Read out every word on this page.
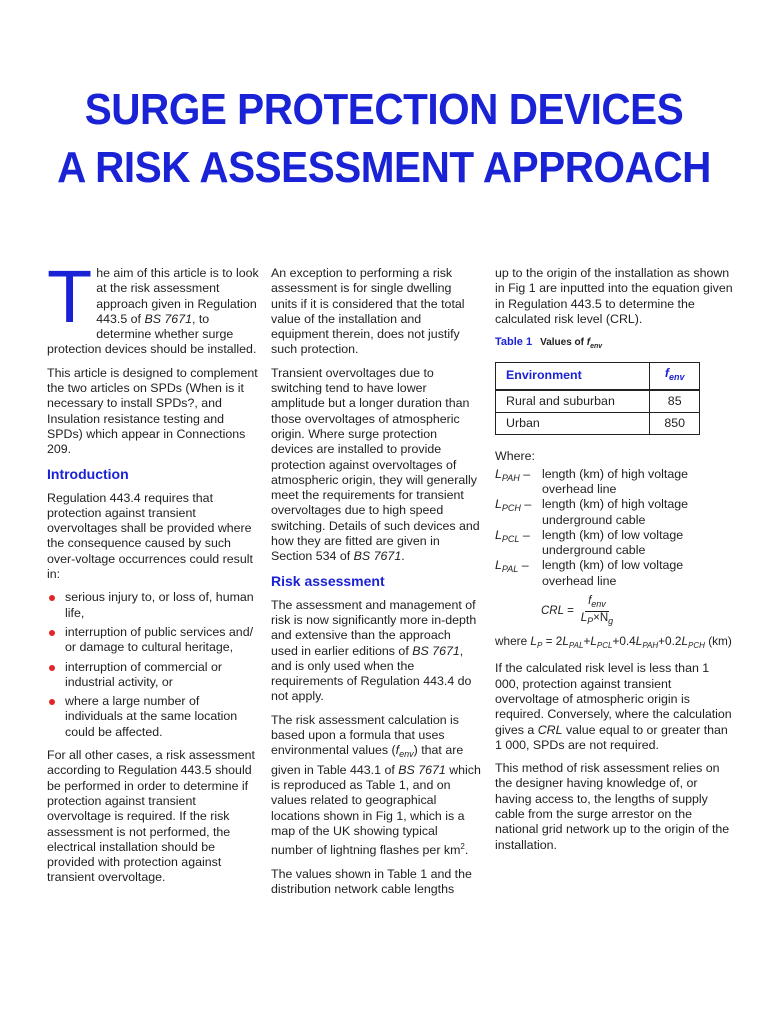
SURGE PROTECTION DEVICES
A RISK ASSESSMENT APPROACH

The aim of this article is to look at the risk assessment approach given in Regulation 443.5 of BS 7671, to determine whether surge protection devices should be installed.

This article is designed to complement the two articles on SPDs (When is it necessary to install SPDs?, and Insulation resistance testing and SPDs) which appear in Connections 209.

Introduction

Regulation 443.4 requires that protection against transient overvoltages shall be provided where the consequence caused by such over-voltage occurrences could result in:

serious injury to, or loss of, human life,
interruption of public services and/ or damage to cultural heritage,
interruption of commercial or industrial activity, or
where a large number of individuals at the same location could be affected.

For all other cases, a risk assessment according to Regulation 443.5 should be performed in order to determine if protection against transient overvoltage is required. If the risk assessment is not performed, the electrical installation should be provided with protection against transient overvoltage.

An exception to performing a risk assessment is for single dwelling units if it is considered that the total value of the installation and equipment therein, does not justify such protection.

Transient overvoltages due to switching tend to have lower amplitude but a longer duration than those overvoltages of atmospheric origin. Where surge protection devices are installed to provide protection against overvoltages of atmospheric origin, they will generally meet the requirements for transient overvoltages due to high speed switching. Details of such devices and how they are fitted are given in Section 534 of BS 7671.

Risk assessment

The assessment and management of risk is now significantly more in-depth and extensive than the approach used in earlier editions of BS 7671, and is only used when the requirements of Regulation 443.4 do not apply.

The risk assessment calculation is based upon a formula that uses environmental values $(f_{env})$ that are given in Table 443.1 of BS 7671 which is reproduced as Table 1, and on values related to geographical locations shown in Fig 1, which is a map of the UK showing typical number of lightning flashes per $km^2$.

The values shown in Table 1 and the distribution network cable lengths

up to the origin of the installation as shown in Fig 1 are inputted into the equation given in Regulation 443.5 to determine the calculated risk level (CRL).

Table 1 Values of $f_{env}$
Environment	$f_{env}$
Rural and suburban	85
Urban	850
Where:
$L_{PAH}$ – length (km) of high voltage overhead line
$L_{PCH}$ – length (km) of high voltage underground cable
$L_{PCL}$ – length (km) of low voltage underground cable
$L_{PAL}$ –	length (km) of low voltage overhead line
CRL = $\frac{f_{env}}{L_P\times N_g}$
where $L_P = 2L_{PAL}+L_{PCL}+0.4L_{PAH}+0.2L_{PCH}$ (km)

If the calculated risk level is less than 1 000, protection against transient overvoltage of atmospheric origin is required. Conversely, where the calculation gives a CRL value equal to or greater than 1 000, SPDs are not required.

This method of risk assessment relies on the designer having knowledge of, or having access to, the lengths of supply cable from the surge arrestor on the national grid network up to the origin of the installation.
